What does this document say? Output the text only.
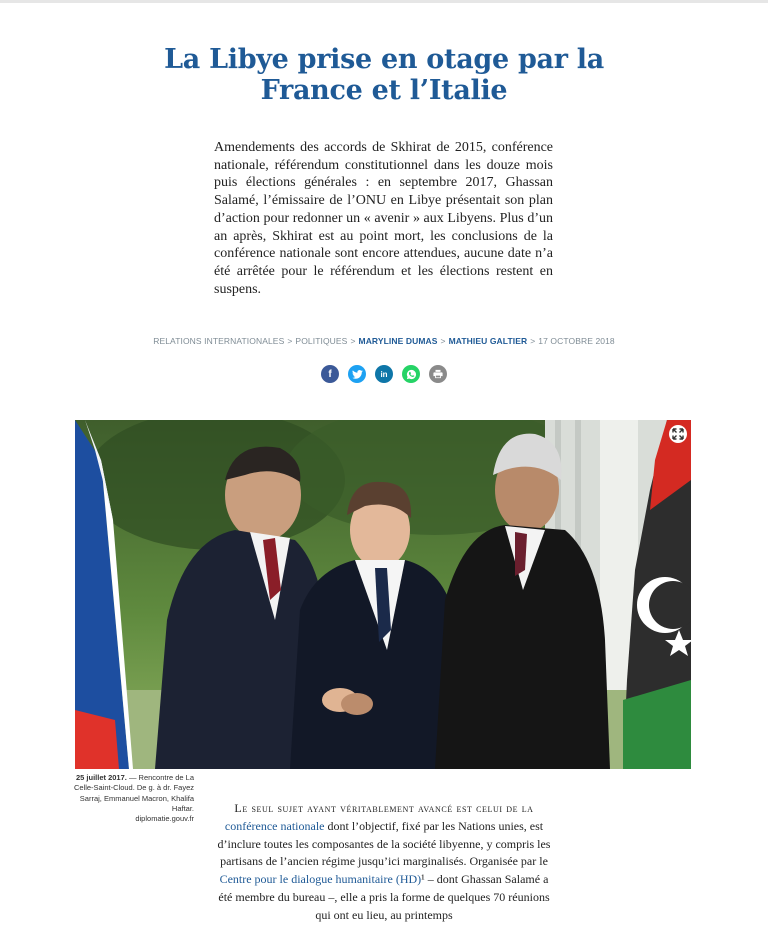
La Libye prise en otage par la France et l’Italie

Amendements des accords de Skhirat de 2015, conférence nationale, référendum constitutionnel dans les douze mois puis élections générales : en septembre 2017, Ghassan Salamé, l’émissaire de l’ONU en Libye présentait son plan d’action pour redonner un « avenir » aux Libyens. Plus d’un an après, Skhirat est au point mort, les conclusions de la conférence nationale sont encore attendues, aucune date n’a été arrêtée pour le référendum et les élections restent en suspens.

RELATIONS INTERNATIONALES > POLITIQUES > MARYLINE DUMAS > MATHIEU GALTIER > 17 OCTOBRE 2018
f	in
25 juillet 2017. — Rencontre de La Celle-Saint-Cloud. De g. à dr. Fayez Sarraj, Emmanuel Macron, Khalifa Haftar.
diplomatie.gouv.fr
Le seul sujet ayant véritablement avancé est celui de la
conférence nationale dont l’objectif, fixé par les Nations unies, est d’inclure toutes les composantes de la société libyenne, y compris les partisans de l’ancien régime jusqu’ici marginalisés. Organisée par le Centre pour le dialogue humanitaire (HD)¹ – dont Ghassan Salamé a été membre du bureau –, elle a pris la forme de quelques 70 réunions qui ont eu lieu, au printemps
